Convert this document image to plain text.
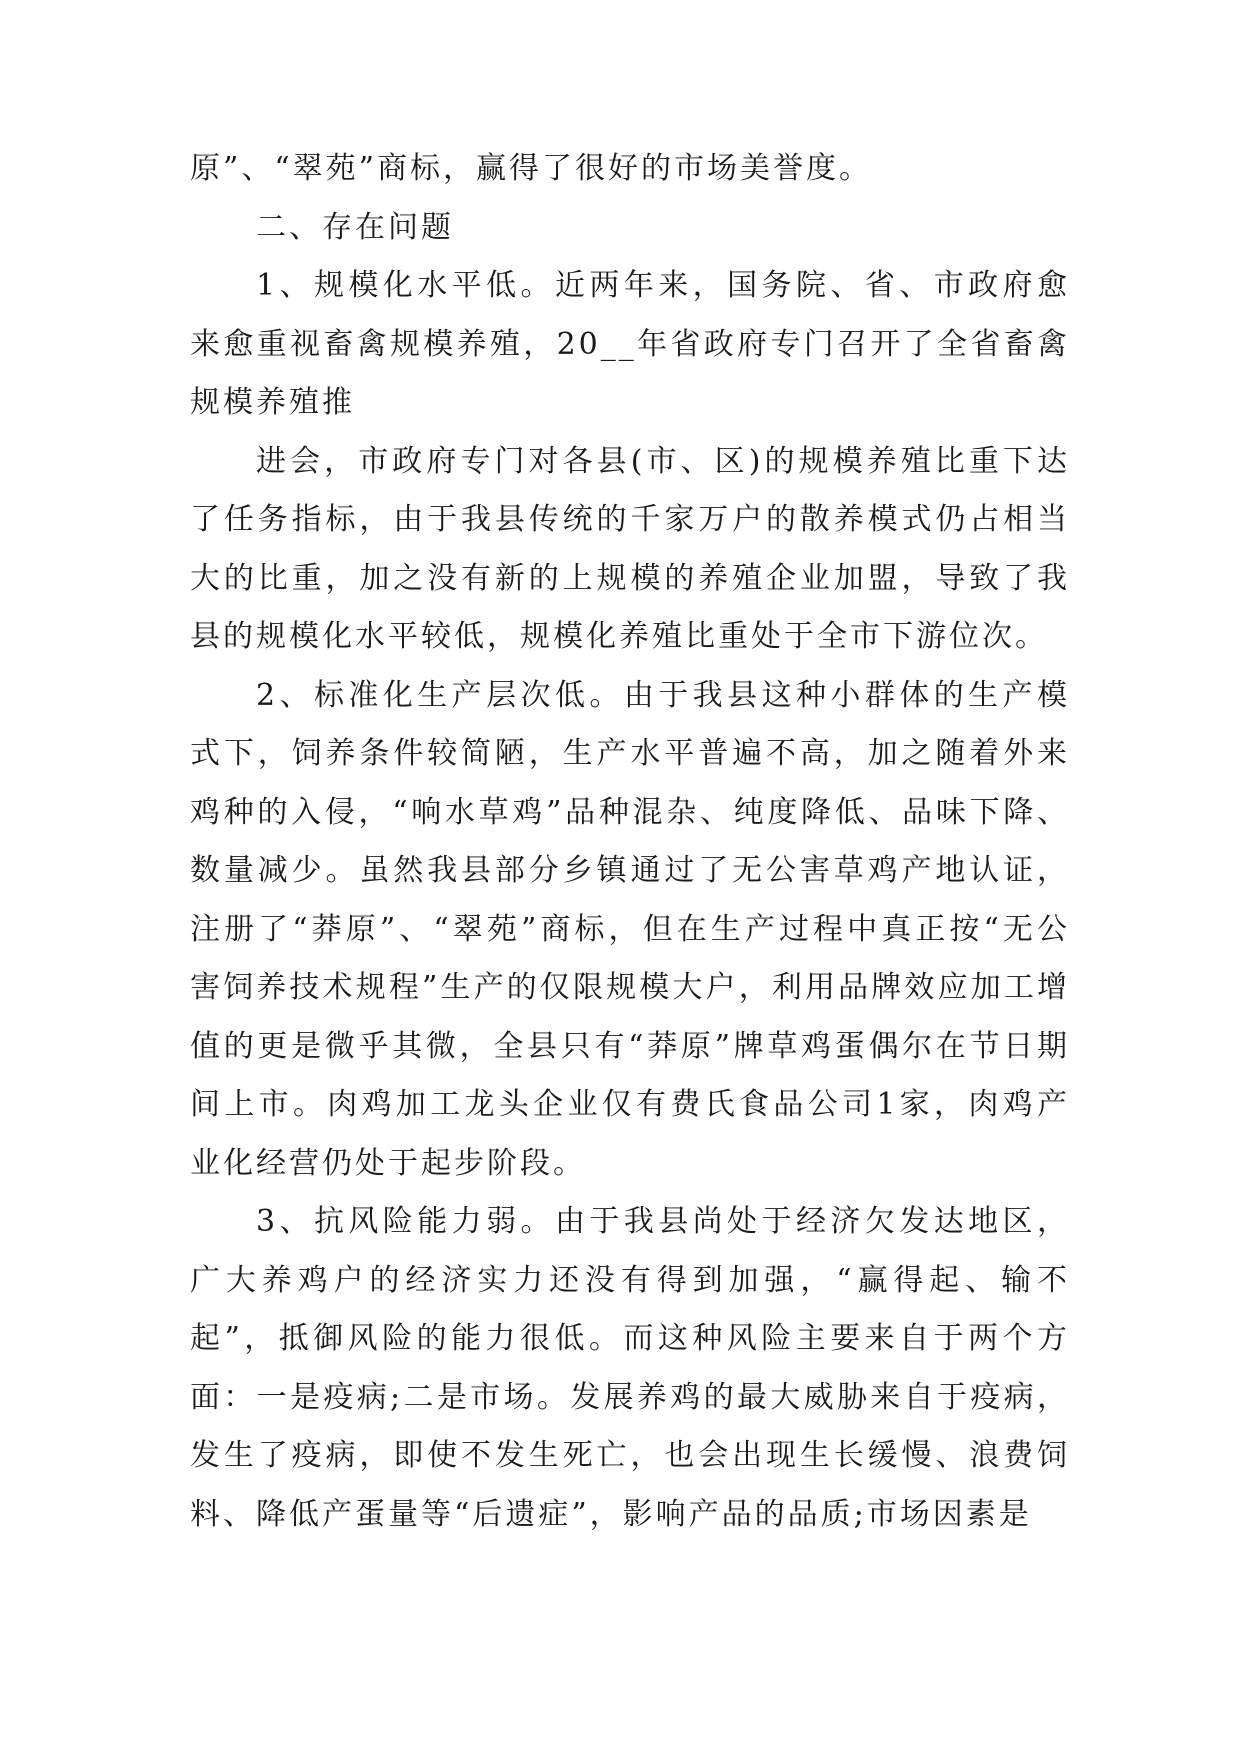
原”、“翠苑”商标，赢得了很好的市场美誉度。

二、存在问题

1、规模化水平低。近两年来，国务院、省、市政府愈来愈重视畜禽规模养殖，20__年省政府专门召开了全省畜禽规模养殖推

进会，市政府专门对各县(市、区)的规模养殖比重下达了任务指标，由于我县传统的千家万户的散养模式仍占相当大的比重，加之没有新的上规模的养殖企业加盟，导致了我县的规模化水平较低，规模化养殖比重处于全市下游位次。

2、标准化生产层次低。由于我县这种小群体的生产模式下，饲养条件较简陋，生产水平普遍不高，加之随着外来鸡种的入侵，“响水草鸡”品种混杂、纯度降低、品味下降、数量减少。虽然我县部分乡镇通过了无公害草鸡产地认证，注册了“莽原”、“翠苑”商标，但在生产过程中真正按“无公害饲养技术规程”生产的仅限规模大户，利用品牌效应加工增值的更是微乎其微，全县只有“莽原”牌草鸡蛋偶尔在节日期间上市。肉鸡加工龙头企业仅有费氏食品公司1家，肉鸡产业化经营仍处于起步阶段。

3、抗风险能力弱。由于我县尚处于经济欠发达地区，广大养鸡户的经济实力还没有得到加强，“赢得起、输不起”，抵御风险的能力很低。而这种风险主要来自于两个方面：一是疫病;二是市场。发展养鸡的最大威胁来自于疫病，发生了疫病，即使不发生死亡，也会出现生长缓慢、浪费饲料、降低产蛋量等“后遗症”，影响产品的品质;市场因素是
